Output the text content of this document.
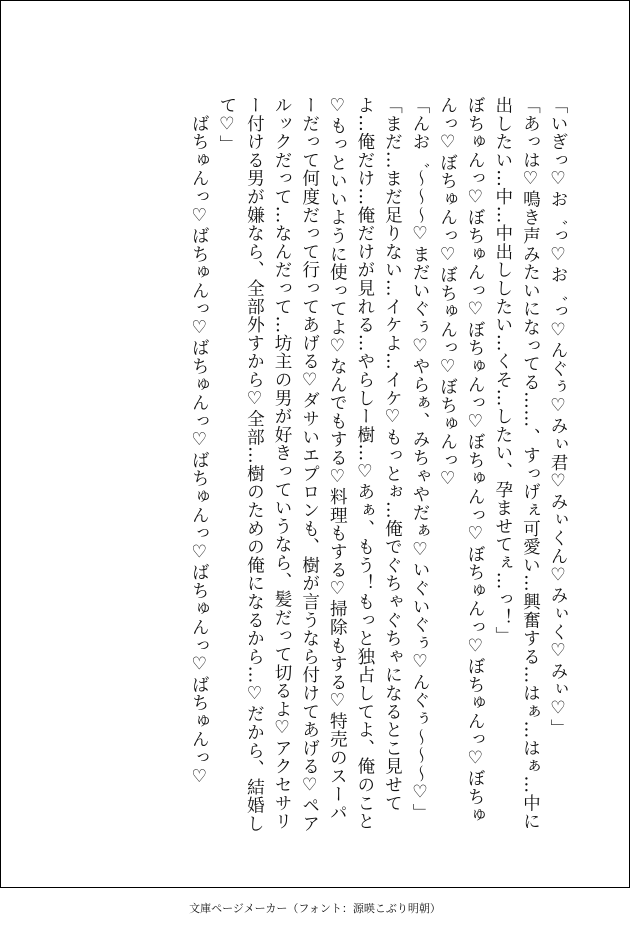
「いぎっ♡お゛っ♡お゛っ♡んぐぅ♡みぃ君♡みぃくん♡みぃく♡みぃ♡」
「あっは♡鳴き声みたいになってる……、すっげぇ可愛い…興奮する…はぁ…はぁ…中に出したい…中…中出ししたい…くそ…したい、孕ませてぇ…っ！」
ぼちゅんっ♡ぼちゅんっ♡ぼちゅんっ♡ぼちゅんっ♡ぼちゅんっ♡ぼちゅんっ♡ぼちゅんっ♡ぼちゅんっ♡ぼちゅんっ♡ぼちゅんっ♡
「んお゛～～～♡まだいぐぅ♡やらぁ、みちゃやだぁ♡いぐいぐぅ♡んぐぅ～～～♡」
「まだ…まだ足りない…イケよ…イケ♡もっとぉ…俺でぐちゃぐちゃになるとこ見せてよ…俺だけ…俺だけが見れる…やらしー樹…♡あぁ、もう！もっと独占してよ、俺のこと♡もっといいように使ってよ♡なんでもする♡料理もする♡掃除もする♡特売のスーパーだって何度だって行ってあげる♡ダサいエプロンも、樹が言うなら付けてあげる♡ペアルックだって…なんだって…坊主の男が好きっていうなら、髪だって切るよ♡アクセサリー付ける男が嫌なら、全部外すから♡全部…樹のための俺になるから…♡だから、結婚して♡」
　ばちゅんっ♡ばちゅんっ♡ばちゅんっ♡ばちゅんっ♡ばちゅんっ♡ばちゅんっ♡
文庫ページメーカー（フォント：源暎こぶり明朝）
